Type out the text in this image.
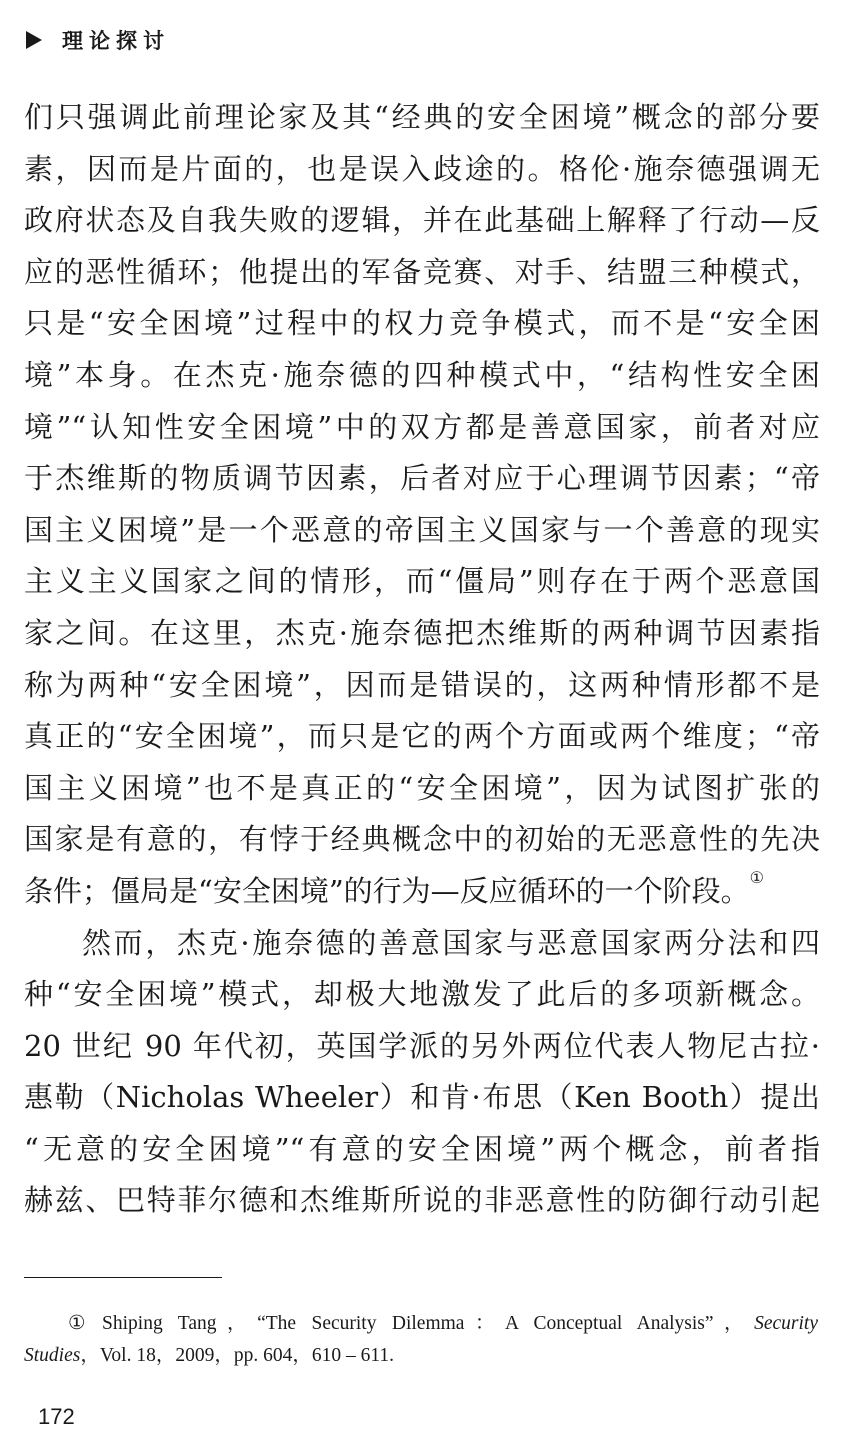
理论探讨
们只强调此前理论家及其“经典的安全困境”概念的部分要
素，因而是片面的，也是误入歧途的。格伦·施奈德强调无
政府状态及自我失败的逻辑，并在此基础上解释了行动—反
应的恶性循环；他提出的军备竞赛、对手、结盟三种模式，
只是“安全困境”过程中的权力竞争模式，而不是“安全困
境”本身。在杰克·施奈德的四种模式中，“结构性安全困
境”“认知性安全困境”中的双方都是善意国家，前者对应
于杰维斯的物质调节因素，后者对应于心理调节因素；“帝
国主义困境”是一个恶意的帝国主义国家与一个善意的现实
主义主义国家之间的情形，而“僵局”则存在于两个恶意国
家之间。在这里，杰克·施奈德把杰维斯的两种调节因素指
称为两种“安全困境”，因而是错误的，这两种情形都不是
真正的“安全困境”，而只是它的两个方面或两个维度；“帝
国主义困境”也不是真正的“安全困境”，因为试图扩张的
国家是有意的，有悖于经典概念中的初始的无恶意性的先决
条件；僵局是“安全困境”的行为—反应循环的一个阶段。①
然而，杰克·施奈德的善意国家与恶意国家两分法和四
种“安全困境”模式，却极大地激发了此后的多项新概念。
20 世纪 90 年代初，英国学派的另外两位代表人物尼古拉·
惠勒（Nicholas Wheeler）和肯·布思（Ken Booth）提出
“无意的安全困境”“有意的安全困境”两个概念，前者指
赫兹、巴特菲尔德和杰维斯所说的非恶意性的防御行动引起
① Shiping Tang，“The Security Dilemma：A Conceptual Analysis”，Security
Studies，Vol. 18，2009，pp. 604，610 – 611.
172
